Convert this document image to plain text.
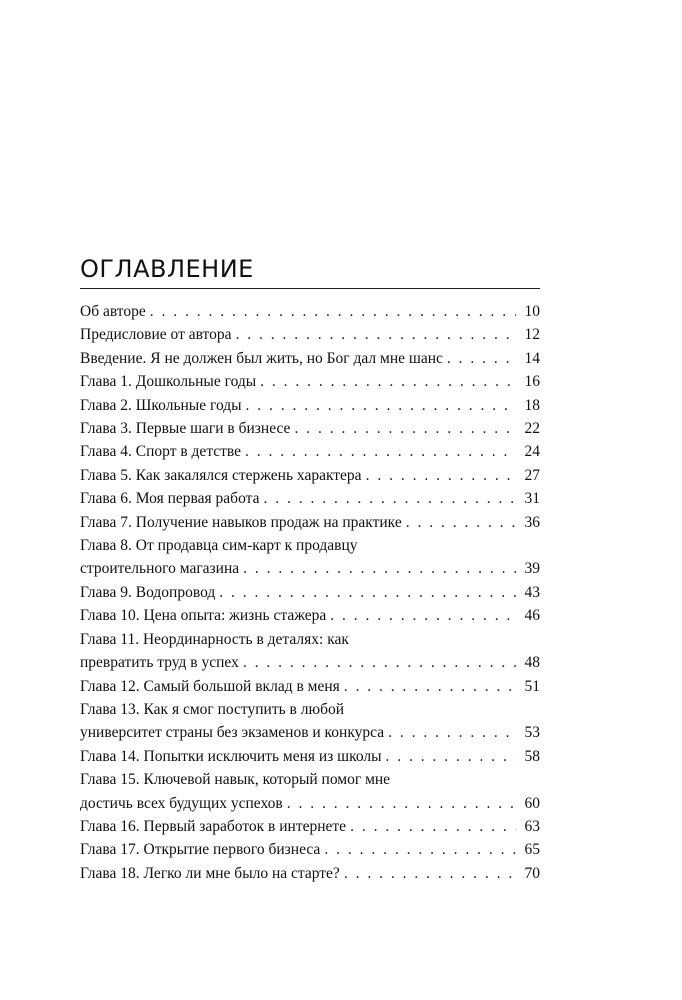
ОГЛАВЛЕНИЕ
Об авторе . . .	10
Предисловие от автора . . .	12
Введение. Я не должен был жить, но Бог дал мне шанс . . .	14
Глава 1. Дошкольные годы . . .	16
Глава 2. Школьные годы . . .	18
Глава 3. Первые шаги в бизнесе . . .	22
Глава 4. Спорт в детстве . . .	24
Глава 5. Как закалялся стержень характера . . .	27
Глава 6. Моя первая работа . . .	31
Глава 7. Получение навыков продаж на практике . . .	36
Глава 8. От продавца сим-карт к продавцу
строительного магазина . . .	39
Глава 9. Водопровод . . .	43
Глава 10. Цена опыта: жизнь стажера . . .	46
Глава 11. Неординарность в деталях: как
превратить труд в успех . . .	48
Глава 12. Самый большой вклад в меня . . .	51
Глава 13. Как я смог поступить в любой
университет страны без экзаменов и конкурса . . .	53
Глава 14. Попытки исключить меня из школы . . .	58
Глава 15. Ключевой навык, который помог мне
достичь всех будущих успехов . . .	60
Глава 16. Первый заработок в интернете . . .	63
Глава 17. Открытие первого бизнеса . . .	65
Глава 18. Легко ли мне было на старте? . . .	70
